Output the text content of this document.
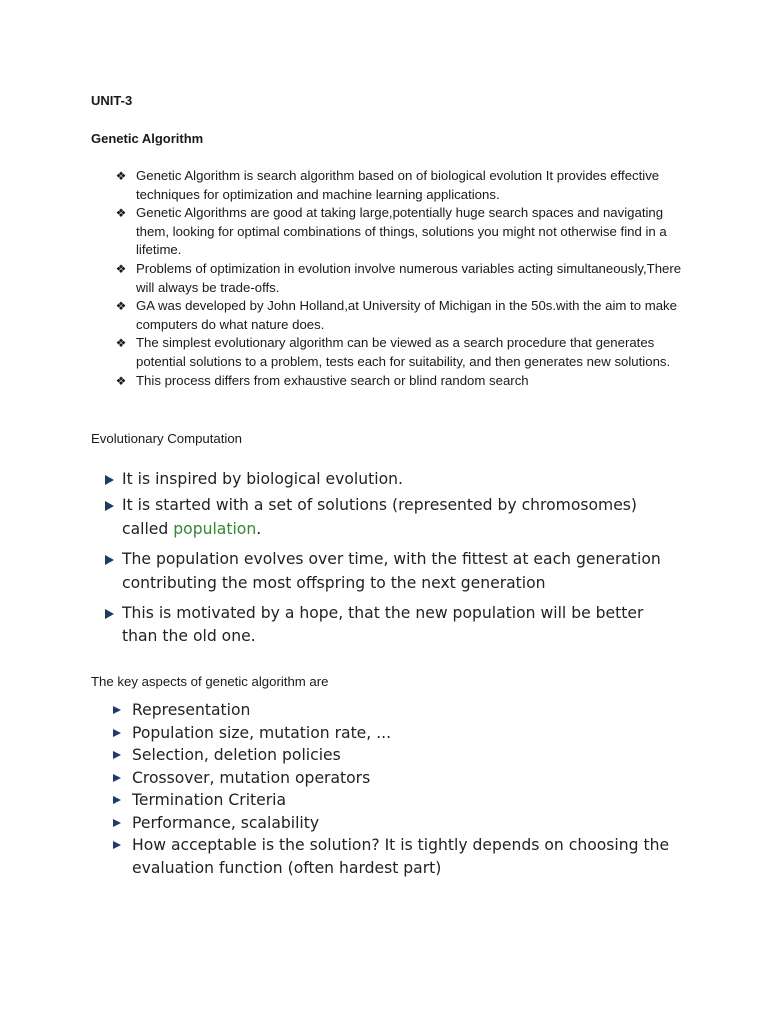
UNIT-3
Genetic Algorithm
❖ Genetic Algorithm is search algorithm based on of biological evolution It provides effective techniques for optimization and machine learning applications.
❖ Genetic Algorithms are good at taking large,potentially huge search spaces and navigating them, looking for optimal combinations of things, solutions you might not otherwise find in a lifetime.
❖ Problems of optimization in evolution involve numerous variables acting simultaneously,There will always be trade-offs.
❖ GA was developed by John Holland,at University of Michigan in the 50s.with the aim to make computers do what nature does.
❖ The simplest evolutionary algorithm can be viewed as a search procedure that generates potential solutions to a problem, tests each for suitability, and then generates new solutions.
❖ This process differs from exhaustive search or blind random search

Evolutionary Computation

It is inspired by biological evolution.
It is started with a set of solutions (represented by chromosomes) called population.
The population evolves over time, with the fittest at each generation contributing the most offspring to the next generation
This is motivated by a hope, that the new population will be better than the old one.

The key aspects of genetic algorithm are

Representation
Population size, mutation rate, ...
Selection, deletion policies
Crossover, mutation operators
Termination Criteria
Performance, scalability
How acceptable is the solution? It is tightly depends on choosing the evaluation function (often hardest part)
